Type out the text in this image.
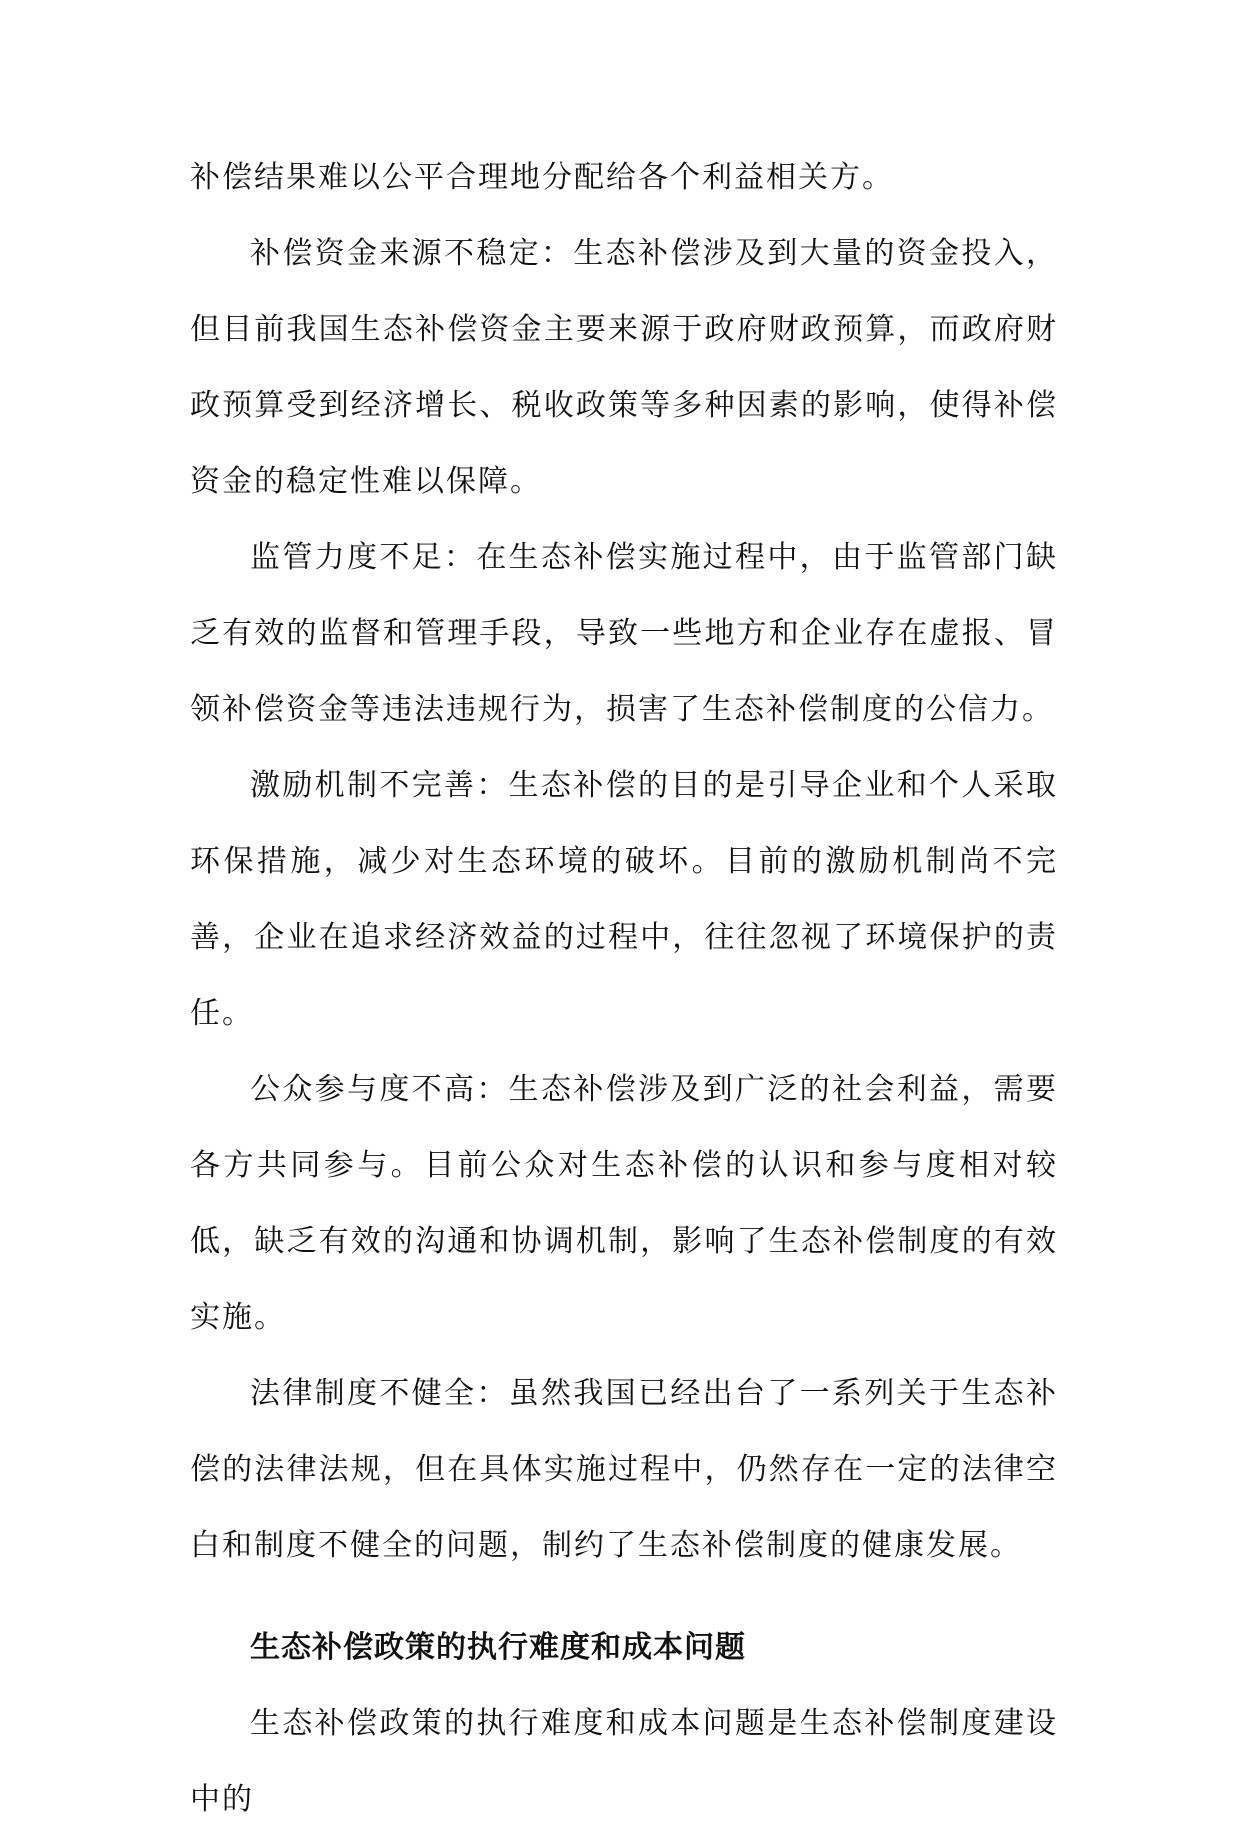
补偿结果难以公平合理地分配给各个利益相关方。

补偿资金来源不稳定：生态补偿涉及到大量的资金投入，但目前我国生态补偿资金主要来源于政府财政预算，而政府财政预算受到经济增长、税收政策等多种因素的影响，使得补偿资金的稳定性难以保障。

监管力度不足：在生态补偿实施过程中，由于监管部门缺乏有效的监督和管理手段，导致一些地方和企业存在虚报、冒领补偿资金等违法违规行为，损害了生态补偿制度的公信力。

激励机制不完善：生态补偿的目的是引导企业和个人采取环保措施，减少对生态环境的破坏。目前的激励机制尚不完善，企业在追求经济效益的过程中，往往忽视了环境保护的责任。

公众参与度不高：生态补偿涉及到广泛的社会利益，需要各方共同参与。目前公众对生态补偿的认识和参与度相对较低，缺乏有效的沟通和协调机制，影响了生态补偿制度的有效实施。

法律制度不健全：虽然我国已经出台了一系列关于生态补偿的法律法规，但在具体实施过程中，仍然存在一定的法律空白和制度不健全的问题，制约了生态补偿制度的健康发展。

生态补偿政策的执行难度和成本问题

生态补偿政策的执行难度和成本问题是生态补偿制度建设中的
